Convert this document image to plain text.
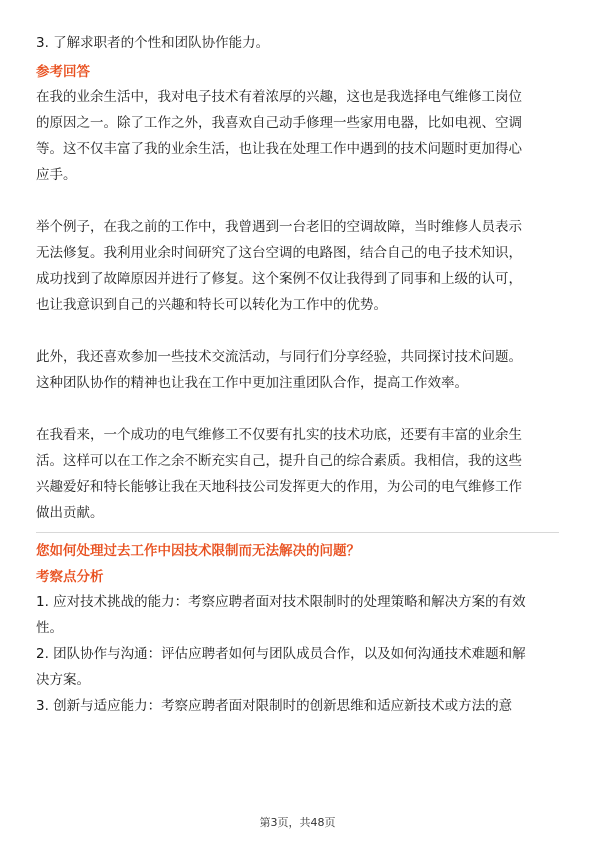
3. 了解求职者的个性和团队协作能力。

参考回答

在我的业余生活中，我对电子技术有着浓厚的兴趣，这也是我选择电气维修工岗位

的原因之一。除了工作之外，我喜欢自己动手修理一些家用电器，比如电视、空调

等。这不仅丰富了我的业余生活，也让我在处理工作中遇到的技术问题时更加得心

应手。

举个例子，在我之前的工作中，我曾遇到一台老旧的空调故障，当时维修人员表示

无法修复。我利用业余时间研究了这台空调的电路图，结合自己的电子技术知识，

成功找到了故障原因并进行了修复。这个案例不仅让我得到了同事和上级的认可，

也让我意识到自己的兴趣和特长可以转化为工作中的优势。

此外，我还喜欢参加一些技术交流活动，与同行们分享经验，共同探讨技术问题。

这种团队协作的精神也让我在工作中更加注重团队合作，提高工作效率。

在我看来，一个成功的电气维修工不仅要有扎实的技术功底，还要有丰富的业余生

活。这样可以在工作之余不断充实自己，提升自己的综合素质。我相信，我的这些

兴趣爱好和特长能够让我在天地科技公司发挥更大的作用，为公司的电气维修工作

做出贡献。

您如何处理过去工作中因技术限制而无法解决的问题？

考察点分析

1. 应对技术挑战的能力：考察应聘者面对技术限制时的处理策略和解决方案的有效

性。

2. 团队协作与沟通：评估应聘者如何与团队成员合作，以及如何沟通技术难题和解

决方案。

3. 创新与适应能力：考察应聘者面对限制时的创新思维和适应新技术或方法的意

第3页，共48页
